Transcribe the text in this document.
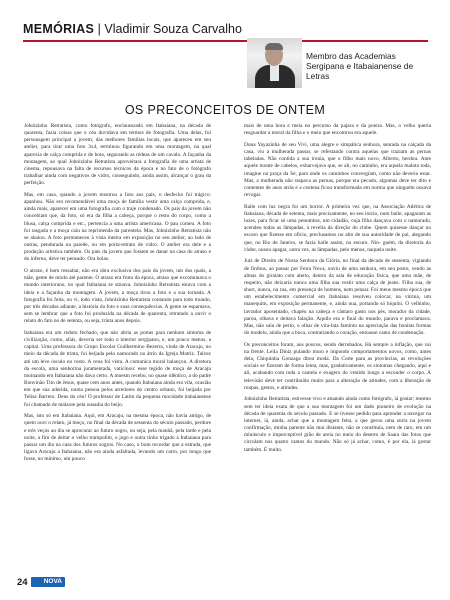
MEMÓRIAS | Vladimir Souza Carvalho
Membro das Academias Sergipana e Itabaianense de Letras
OS PRECONCEITOS DE ONTEM

Johnizinho Retratista, como fotógrafo, enclausurado em Itabaiana, na década de quarenta, fazia coisas que o céu duvidava em termos de fotografia. Uma delas, foi personagem principal a jovem, das melhores famílias locais, que apareceu em seu atelier, para tirar uma foto 3x4, terminou figurando em uma montagem, na qual aparecia de calça comprida e de bota, segurando as rédeas de um cavalo. A façanha da montagem, ao qual Johnizinho Retratista aproveitara a fotografia de uma artista de cinema, repousava na falta de recursos técnicos da época e no fato de o fotógrafo trabalhar ainda com negativos de vidro, conseguindo, ainda assim, alcançar o grau da perfeição.

Mas, em casa, quando a jovem mostrou a foto aos pais, o desfecho foi trágico: apanhou. Não era recomendável uma moça de família vestir uma calça comprida, e, ainda mais, aparecer em uma fotografia com o traje condenado. Os pais da jovem não concebiam que, da foto, só era da filha a cabeça, porque o resto do corpo, como a blusa, calça comprida e etc., pertencia a uma artista americana. O pau comeu. A foto foi rasgada e a moça caiu na reprimenda da parentela. Mas, Johnizinho Retratista não se abalou. A foto permaneceu à vista inteira em exposição no seu atelier, ao lado de outras, pendurada na parede, ou em porta-retrato de vidro. O atelier era dele e a produção artística também. Os pais da jovem que fossem se danar na casa do atraso e do inferno, deve ter pensado. Ora bolas.

O atraso, é bom ressaltar, não era obra exclusiva dos pais da jovem, um dos quais, a mãe, gente de miolo até parente. O atraso era fruto da época, atraso que excomunava o mundo interiorano, no qual Itabaiana se situava. Johnizinho Retratista estava com a ideia e a façanha da montagem. A jovem, a moça tirou a foto e a sua tornada. A fotografia foi feita, ou vi, todo vista, Johnizinho Retratista contando para todo mundo, por três décadas adiante, a história da foto e suas consequências. A gente se espantava, sem se lembrar que a foto foi produzida na década de quarenta, retratado a ouvir o relato do fato no de setenta, ou seja, trinta anos depois.

Itabaiana era um reduto fechado, que não abria as portas para nenhum sintoma de civilização, como, aliás, deveria ser todo o interior sergipano, e, um pouco menos, a capital. Uma professora do Grupo Escolar Guilhermino Bezerra, vinda de Aracaju, no meio da década de trinta, foi beijada pelo namorado no átrio da Igreja Matriz. Talvez até um leve ósculo no rosto. A cena foi vista. A comunica moral balançou. A diretora da escola, uma senhorina juramentada, vaticinou: esse tegido de moça de Aracaju moinando em Itabaiana não dava certo. A moesm recebu, no quase idêntico, a do padre Bonvinão Tito de Jesus, quase cem anos antes, quando Itabaiana ainda era vila, ocasião em que sua aderida, numa pessoa pelos arredores do centro urbano, foi beijada por Telisa Barreto. Deus do céu! O professor de Latim da pequena mocidade itabaianense foi chamado de malaxte pela ousadia do beijo.

Mas, isto só em Itabaiana. Aqui, em Aracaju, na mesma época, não havia amigo, de quem ouvi o relato, já moço, no final da década de sessenta do século passado, perdure e três veços ao dia se aprocurar ao futuro sogro, ou seja, pela manhã, pela tarde e pela noite, a fim de deitar o velho trampolim, o jogo e outra tinha trigado à Itabaiana para passar um dia na casa dos futuros sogros. No caso, o bom recordar que a estrada, que ligava Aracaju a Itabaiana, não era ainda asfaltada, levando um carro, por longo que fosse, no mínimo, um pouco

mais de uma hora e meia no percurso da pajara e da poeira. Mas, o velho queria resguardar a moral da filha e o meio que encontrou era aquele.

Dona Yayazinha de seu Vivi, uma alegre e simpática senhora, sentada na calçada da casa, viu a mulherada passar, se refestando contra aquelas que traziam as pernas tabeladas. Não contida a sua ironia, que o filho mais novo, Alberto, herdou. Ante aquele monte de cabelos, exbarvejava que, se ali, no caminho, era aquela maluta toda, imagine na praça da Sé, para onde os caminhos convergiam, como não deveria estar. Mas, a mulherada não raspava as pernas, porque era pecado, algumas deve ter dito e contentes de anos atrás e a centena ficou transformada em norma que ninguém ousava revogar.

Baile com luz negra foi um horror. A primeira vez que, na Associação Atlética de Itabaiana, década de setenta, mais precisamente, no seu início, num baile, apagaram as luzes, para ficar só uma penumbra, um cidadão, cuja filha dançava com o namorado, acendeu todas as lâmpadas, à revelia da direção do clube. Quem quisesse dançar no escuro que fizesse em oficio, preclusamos no alto de sua autoridade de pai, alegando que, no Rio de Janeiro, se fazia baile assim, no escuro. Nin- guém, da diretoria do clube, ousou apagar, outra vez, as lâmpadas, pelo menos, naquela noite.

Juiz de Direito de Nossa Senhora da Glória, no final da década de sessenta, vigiando de finibus, ao passar por Feira Nova, ouviu de uma senhora, em seu posto, vendo as almas do giraiato com alerto, dentro da sala de educação física, que uma mãe, de respeito, não deixaria nunca uma filha sua vestir uma calça de jeans. Filha sua, de short, nunca, na rua, em presença de homens, nem pensar. Foi meus mesmo época que um estabelecimento comercial em Itabaiana resolveu colocar, na vitrina, um manequim, em exposição permanente, e, ainda nua, portando só biquíni. O velhinho, lavrador aposentado, chapéu na cabeça e cântaro gasto nos pés, morador da cidade, parou, olhava e deitava falação. Aquilo era o final do mundo, parava e proclamava. Mas, não saiu de perto, o olhar de vira-lata faminto na apreciação das bonitas formas do modelo, ainda que a boca, contrariando o coração, entoasse canto de condenação.

Os preconceitos foram, aos poucos, sendo derrubados. Há sempre a inflação, que vai na frente. Leila Diniz pulando muro e impondo comportamentos novos, como, antes dela, Chiquinha Gonzaga ditou moda. Da Corte para as províncias, as revoluções sociais se fizeram de forma lenta, mas, gradativamente, os sintomas chegando, aqui e ali, acabando com toda a cautela e exagero do vestido longo a esconder o corpo. A televisão deve ter contribuído muito para a alteração de atitudes, com a liberação de roupas, gestos, e atitudes.

Johnizinho Retratista, estivesse vivo e atuando ainda como fotógrafo, iá gostar; mesmo sem ter ideia exata de que a sua montagem foi um dado pioneiro de evolução na década de quarenta do século passado. E se tivesse pedido para aprender a navegar na internet, iá, ainda, achar que a montagem feita, a que gerou uma surra na jovem confirmação, minha parente não mui distante, não se constituía, nem de raro, em um minúsculo e imperceptível grão de areia no meio do deserto de Saara das fotos que circulam nos quatro cantos do mundo. Não só já achar, como, é por ela, iá gostar também. É muito.

24 NOVA
